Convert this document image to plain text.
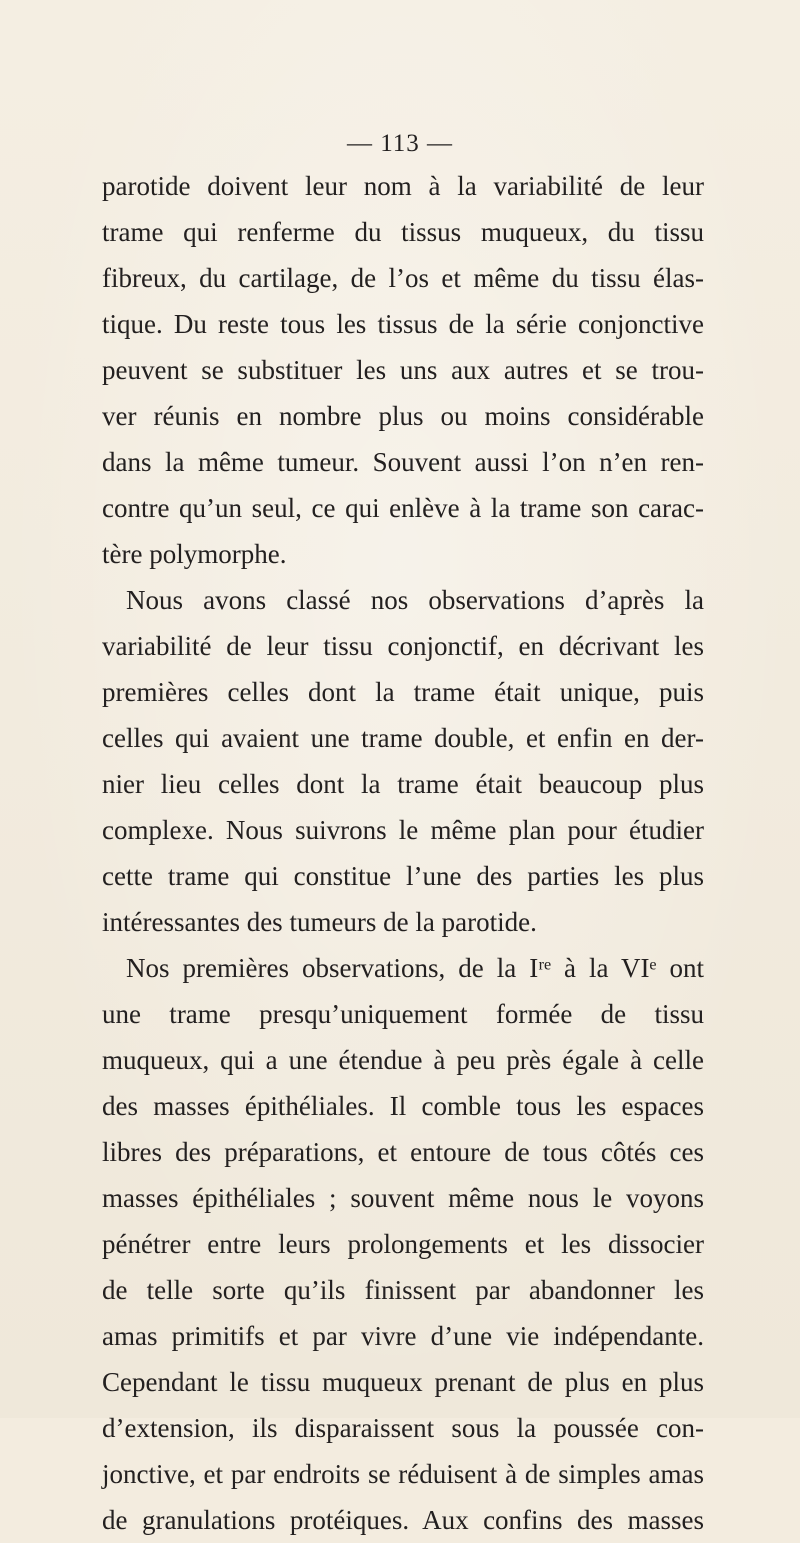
— 113 —
parotide doivent leur nom à la variabilité de leur
trame qui renferme du tissus muqueux, du tissu
fibreux, du cartilage, de l’os et même du tissu élas-
tique. Du reste tous les tissus de la série conjonctive
peuvent se substituer les uns aux autres et se trou-
ver réunis en nombre plus ou moins considérable
dans la même tumeur. Souvent aussi l’on n’en ren-
contre qu’un seul, ce qui enlève à la trame son carac-
tère polymorphe.
Nous avons classé nos observations d’après la
variabilité de leur tissu conjonctif, en décrivant les
premières celles dont la trame était unique, puis
celles qui avaient une trame double, et enfin en der-
nier lieu celles dont la trame était beaucoup plus
complexe. Nous suivrons le même plan pour étudier
cette trame qui constitue l’une des parties les plus
intéressantes des tumeurs de la parotide.
Nos premières observations, de la Iʳᵉ à la VIᵉ ont
une trame presqu’uniquement formée de tissu
muqueux, qui a une étendue à peu près égale à celle
des masses épithéliales. Il comble tous les espaces
libres des préparations, et entoure de tous côtés ces
masses épithéliales ; souvent même nous le voyons
pénétrer entre leurs prolongements et les dissocier
de telle sorte qu’ils finissent par abandonner les
amas primitifs et par vivre d’une vie indépendante.
Cependant le tissu muqueux prenant de plus en plus
d’extension, ils disparaissent sous la poussée con-
jonctive, et par endroits se réduisent à de simples amas
de granulations protéiques. Aux confins des masses
